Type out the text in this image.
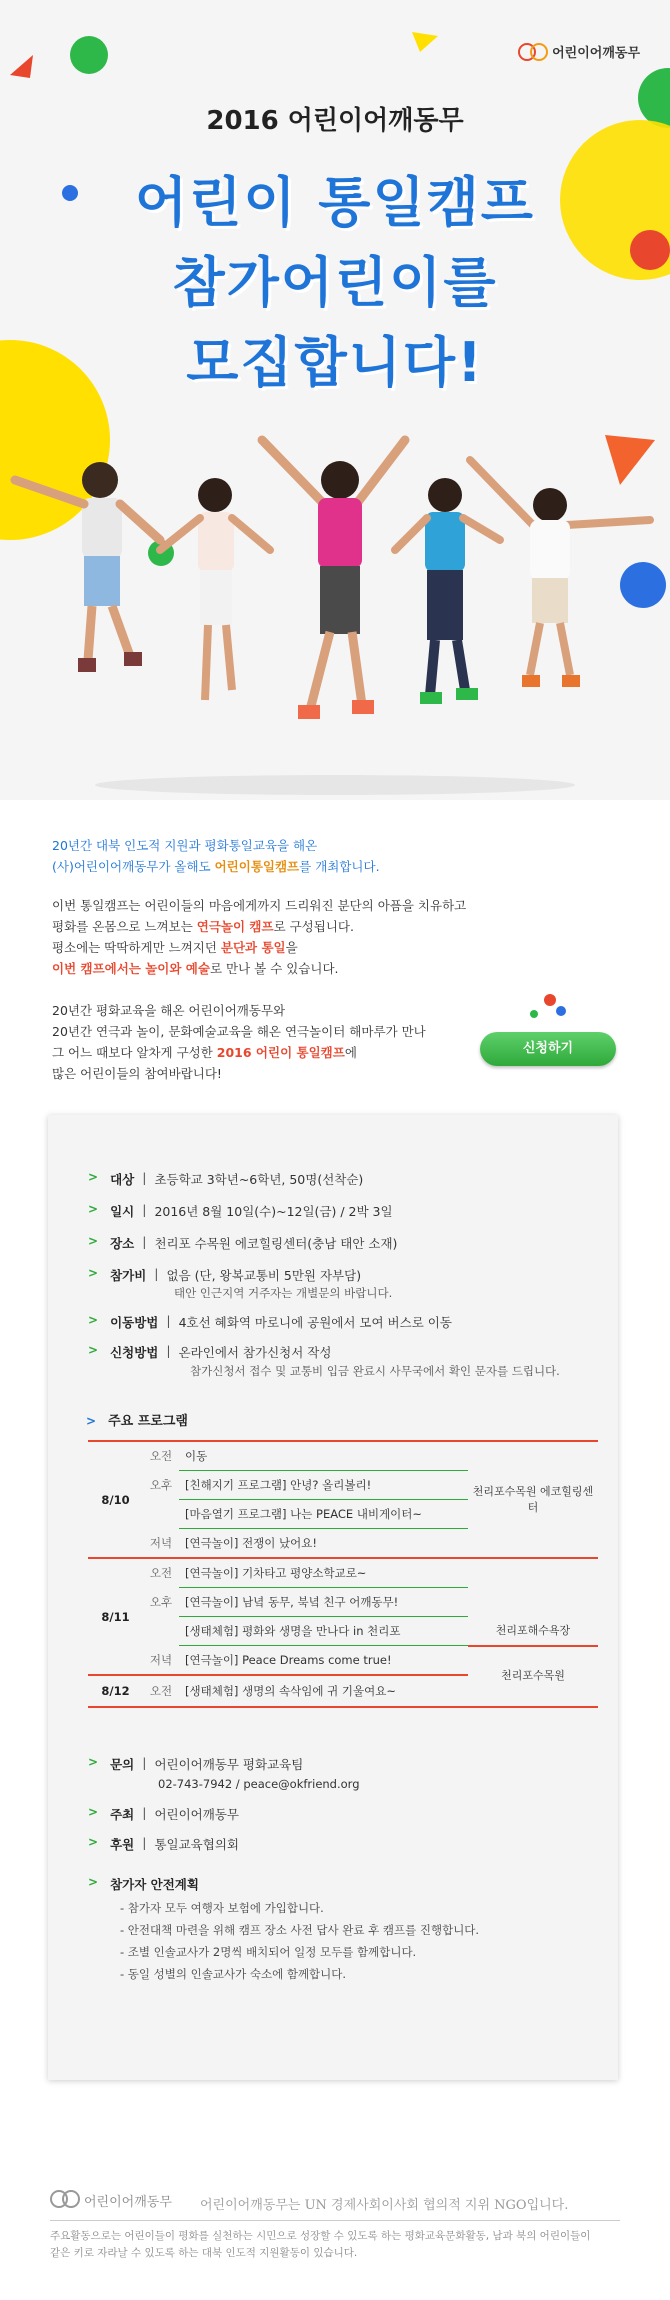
어린이어깨동무
2016 어린이어깨동무
어린이 통일캠프
참가어린이를
모집합니다!
20년간 대북 인도적 지원과 평화통일교육을 해온
(사)어린이어깨동무가 올해도 어린이통일캠프를 개최합니다.
이번 통일캠프는 어린이들의 마음에게까지 드리워진 분단의 아픔을 치유하고
평화를 온몸으로 느껴보는 연극놀이 캠프로 구성됩니다.
평소에는 딱딱하게만 느껴지던 분단과 통일을
이번 캠프에서는 놀이와 예술로 만나 볼 수 있습니다.
20년간 평화교육을 해온 어린이어깨동무와
20년간 연극과 놀이, 문화예술교육을 해온 연극놀이터 해마루가 만나
그 어느 때보다 알차게 구성한 2016 어린이 통일캠프에
많은 어린이들의 참여바랍니다!
신청하기
> 대상 | 초등학교 3학년~6학년, 50명(선착순)
> 일시 | 2016년 8월 10일(수)~12일(금) / 2박 3일
> 장소 | 천리포 수목원 에코힐링센터(충남 태안 소재)
> 참가비 | 없음 (단, 왕복교통비 5만원 자부담)
태안 인근지역 거주자는 개별문의 바랍니다.
> 이동방법 | 4호선 혜화역 마로니에 공원에서 모여 버스로 이동
> 신청방법 | 온라인에서 참가신청서 작성
참가신청서 접수 및 교통비 입금 완료시 사무국에서 확인 문자를 드립니다.
> 주요 프로그램
8/10	오전	이동	천리포수목원 에코힐링센터
	오후	[친해지기 프로그램] 안녕? 올리볼리!	
		[마음열기 프로그램] 나는 PEACE 내비게이터~	
	저녁	[연극놀이] 전쟁이 났어요!	
8/11	오전	[연극놀이] 기차타고 평양소학교로~	
	오후	[연극놀이] 남녘 동무, 북녘 친구 어깨동무!	
		[생태체험] 평화와 생명을 만나다 in 천리포	천리포해수욕장
	저녁	[연극놀이] Peace Dreams come true!	천리포수목원
8/12	오전	[생태체험] 생명의 속삭임에 귀 기울여요~	
> 문의 | 어린이어깨동무 평화교육팀
02-743-7942 / peace@okfriend.org
> 주최 | 어린이어깨동무
> 후원 | 통일교육협의회
> 참가자 안전계획
- 참가자 모두 여행자 보험에 가입합니다.
- 안전대책 마련을 위해 캠프 장소 사전 답사 완료 후 캠프를 진행합니다.
- 조별 인솔교사가 2명씩 배치되어 일정 모두를 함께합니다.
- 동일 성별의 인솔교사가 숙소에 함께합니다.
어린이어깨동무 어린이어깨동무는 UN 경제사회이사회 협의적 지위 NGO입니다.
주요활동으로는 어린이들이 평화를 실천하는 시민으로 성장할 수 있도록 하는 평화교육문화활동, 남과 북의 어린이들이
같은 키로 자라날 수 있도록 하는 대북 인도적 지원활동이 있습니다.
